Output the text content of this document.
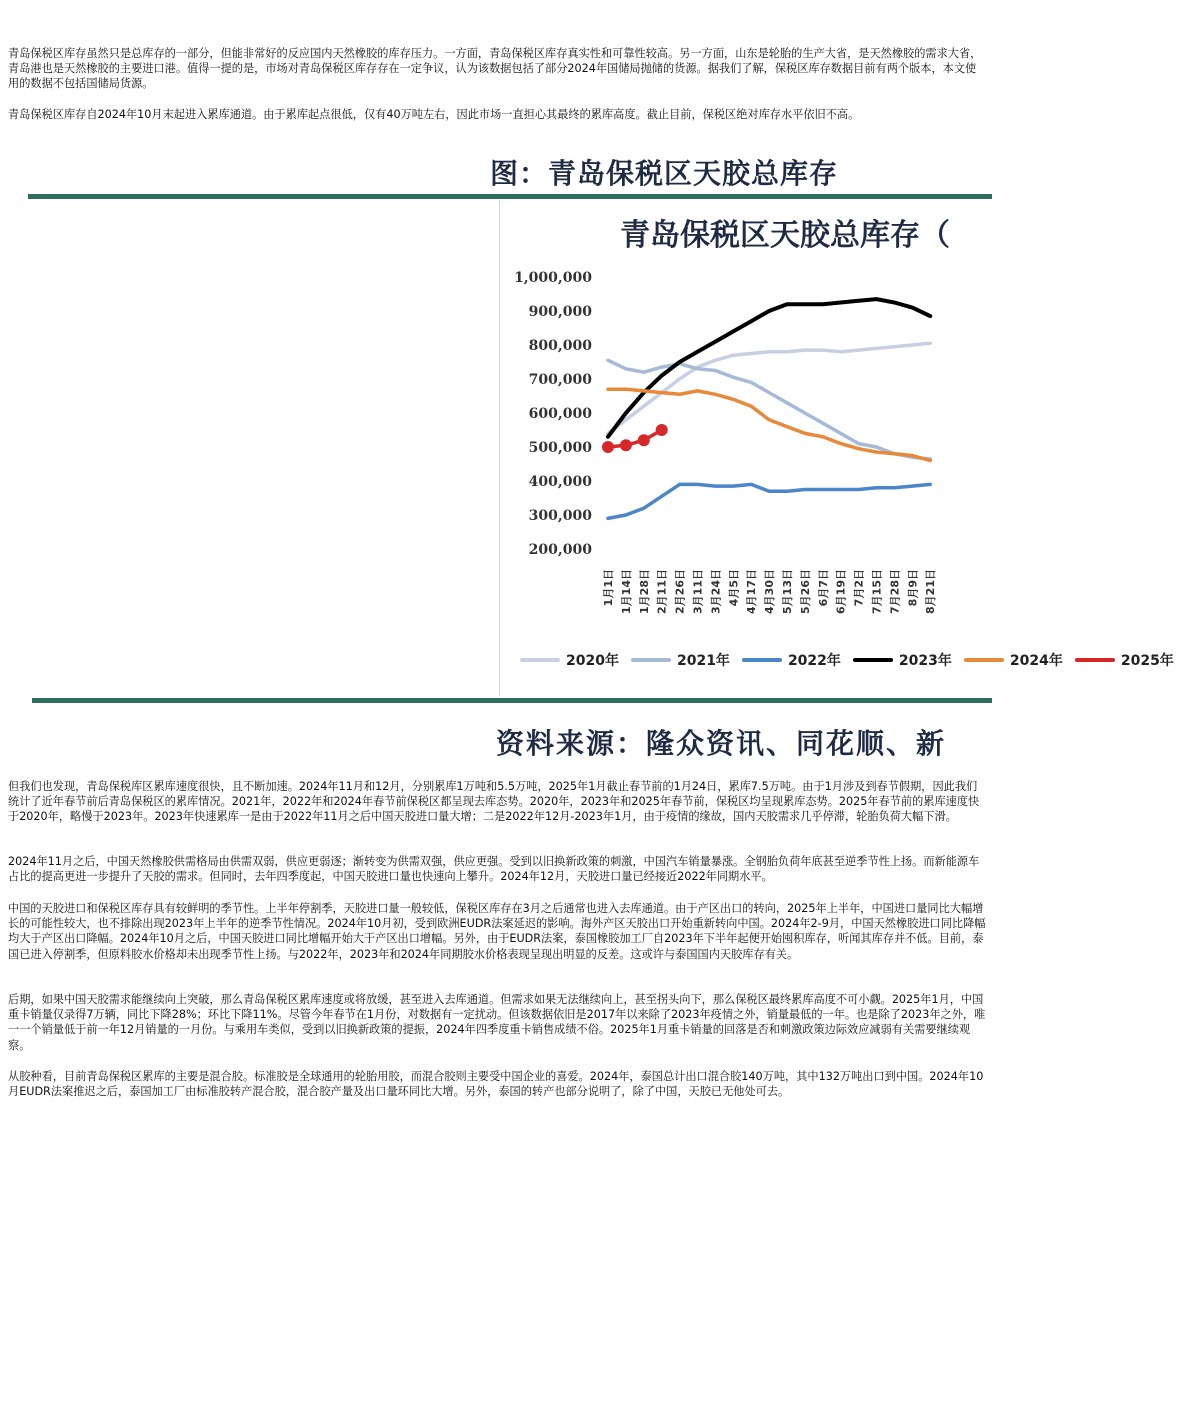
青岛保税区库存虽然只是总库存的一部分，但能非常好的反应国内天然橡胶的库存压力。一方面，青岛保税区库存真实性和可靠性较高。另一方面，山东是轮胎的生产大省，是天然橡胶的需求大省，青岛港也是天然橡胶的主要进口港。值得一提的是，市场对青岛保税区库存存在一定争议，认为该数据包括了部分2024年国储局抛储的货源。据我们了解，保税区库存数据目前有两个版本，本文使用的数据不包括国储局货源。
青岛保税区库存自2024年10月末起进入累库通道。由于累库起点很低，仅有40万吨左右，因此市场一直担心其最终的累库高度。截止目前，保税区绝对库存水平依旧不高。
图：青岛保税区天胶总库存
青岛保税区天胶总库存（
200,000
300,000
400,000
500,000
600,000
700,000
800,000
900,000
1,000,000
1月1日 1月14日 1月28日 2月11日 2月26日 3月11日 3月24日 4月5日 4月17日 4月30日 5月13日 5月26日 6月7日 6月19日 7月2日 7月15日 7月28日 8月9日 8月21日
2020年	2021年	2022年	2023年	2024年	2025年
资料来源：隆众资讯、同花顺、新
但我们也发现，青岛保税库区累库速度很快，且不断加速。2024年11月和12月，分别累库1万吨和5.5万吨，2025年1月截止春节前的1月24日，累库7.5万吨。由于1月涉及到春节假期，因此我们统计了近年春节前后青岛保税区的累库情况。2021年，2022年和2024年春节前保税区都呈现去库态势。2020年，2023年和2025年春节前，保税区均呈现累库态势。2025年春节前的累库速度快于2020年，略慢于2023年。2023年快速累库一是由于2022年11月之后中国天胶进口量大增；二是2022年12月-2023年1月，由于疫情的缘故，国内天胶需求几乎停滞，轮胎负荷大幅下滑。
2024年11月之后，中国天然橡胶供需格局由供需双弱，供应更弱逐；渐转变为供需双强，供应更强。受到以旧换新政策的刺激，中国汽车销量暴涨。全钢胎负荷年底甚至逆季节性上扬。而新能源车占比的提高更进一步提升了天胶的需求。但同时，去年四季度起，中国天胶进口量也快速向上攀升。2024年12月，天胶进口量已经接近2022年同期水平。
中国的天胶进口和保税区库存具有较鲜明的季节性。上半年停割季，天胶进口量一般较低，保税区库存在3月之后通常也进入去库通道。由于产区出口的转向，2025年上半年，中国进口量同比大幅增长的可能性较大，也不排除出现2023年上半年的逆季节性情况。2024年10月初，受到欧洲EUDR法案延迟的影响。海外产区天胶出口开始重新转向中国。2024年2-9月，中国天然橡胶进口同比降幅均大于产区出口降幅。2024年10月之后，中国天胶进口同比增幅开始大于产区出口增幅。另外，由于EUDR法案，泰国橡胶加工厂自2023年下半年起便开始囤积库存，听闻其库存并不低。目前，泰国已进入停割季，但原料胶水价格却未出现季节性上扬。与2022年，2023年和2024年同期胶水价格表现呈现出明显的反差。这或许与泰国国内天胶库存有关。
后期，如果中国天胶需求能继续向上突破，那么青岛保税区累库速度或将放缓，甚至进入去库通道。但需求如果无法继续向上，甚至拐头向下，那么保税区最终累库高度不可小觑。2025年1月，中国重卡销量仅录得7万辆，同比下降28%；环比下降11%。尽管今年春节在1月份，对数据有一定扰动。但该数据依旧是2017年以来除了2023年疫情之外，销量最低的一年。也是除了2023年之外，唯一一个销量低于前一年12月销量的一月份。与乘用车类似，受到以旧换新政策的提振，2024年四季度重卡销售成绩不俗。2025年1月重卡销量的回落是否和刺激政策边际效应减弱有关需要继续观察。
从胶种看，目前青岛保税区累库的主要是混合胶。标准胶是全球通用的轮胎用胶，而混合胶则主要受中国企业的喜爱。2024年，泰国总计出口混合胶140万吨，其中132万吨出口到中国。2024年10月EUDR法案推迟之后，泰国加工厂由标准胶转产混合胶，混合胶产量及出口量环同比大增。另外，泰国的转产也部分说明了，除了中国，天胶已无他处可去。
